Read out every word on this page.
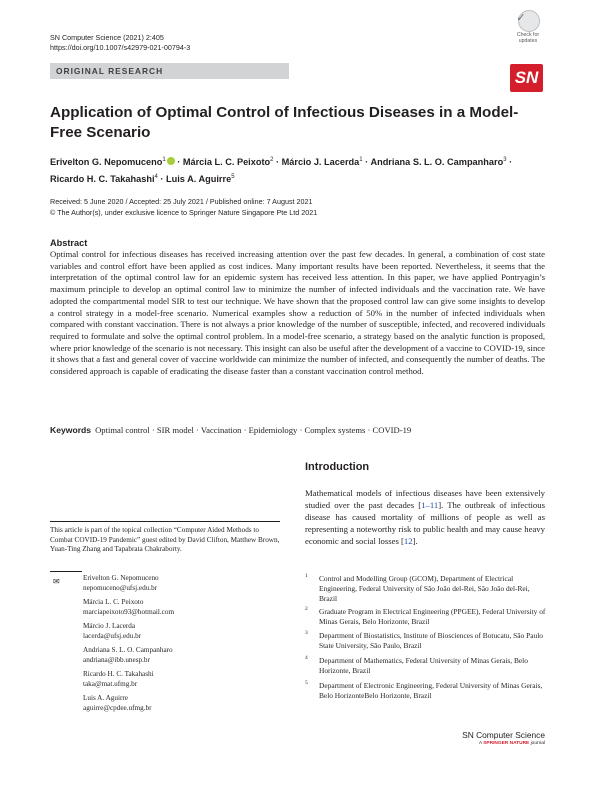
SN Computer Science (2021) 2:405
https://doi.org/10.1007/s42979-021-00794-3
✓
Check for updates
ORIGINAL RESEARCH	SN
Application of Optimal Control of Infectious Diseases in a Model-Free Scenario
Erivelton G. Nepomuceno$^1$ · Márcia L. C. Peixoto$^2$ · Márcio J. Lacerda$^1$ · Andriana S. L. O. Campanharo$^3$ ·
Ricardo H. C. Takahashi$^4$ · Luis A. Aguirre$^5$
Received: 5 June 2020 / Accepted: 25 July 2021 / Published online: 7 August 2021
© The Author(s), under exclusive licence to Springer Nature Singapore Pte Ltd 2021
Abstract
Optimal control for infectious diseases has received increasing attention over the past few decades. In general, a combination of cost state variables and control effort have been applied as cost indices. Many important results have been reported. Nevertheless, it seems that the interpretation of the optimal control law for an epidemic system has received less attention. In this paper, we have applied Pontryagin’s maximum principle to develop an optimal control law to minimize the number of infected individuals and the vaccination rate. We have adopted the compartmental model SIR to test our technique. We have shown that the proposed control law can give some insights to develop a control strategy in a model-free scenario. Numerical examples show a reduction of 50% in the number of infected individuals when compared with constant vaccination. There is not always a prior knowledge of the number of susceptible, infected, and recovered individuals required to formulate and solve the optimal control problem. In a model-free scenario, a strategy based on the analytic function is proposed, where prior knowledge of the scenario is not necessary. This insight can also be useful after the development of a vaccine to COVID-19, since it shows that a fast and general cover of vaccine worldwide can minimize the number of infected, and consequently the number of deaths. The considered approach is capable of eradicating the disease faster than a constant vaccination control method.
Keywords Optimal control · SIR model · Vaccination · Epidemiology · Complex systems · COVID-19
Introduction
Mathematical models of infectious diseases have been extensively studied over the past decades [1–11]. The outbreak of infectious disease has caused mortality of millions of people as well as representing a noteworthy risk to public health and may cause heavy economic and social losses [12].
This article is part of the topical collection “Computer Aided Methods to Combat COVID-19 Pandemic” guest edited by David Clifton, Matthew Brown, Yuan-Ting Zhang and Tapabrata Chakraborty.
✉	Erivelton G. Nepomuceno
nepomuceno@ufsj.edu.br
Márcia L. C. Peixoto
marciapeixoto93@hotmail.com
Márcio J. Lacerda
lacerda@ufsj.edu.br
Andriana S. L. O. Campanharo
andriana@ibb.unesp.br
Ricardo H. C. Takahashi
taka@mat.ufmg.br
Luis A. Aguirre
aguirre@cpdee.ufmg.br
1 Control and Modelling Group (GCOM), Department of Electrical Engineering, Federal University of São João del-Rei, São João del-Rei, Brazil
2 Graduate Program in Electrical Engineering (PPGEE), Federal University of Minas Gerais, Belo Horizonte, Brazil
3 Department of Biostatistics, Institute of Biosciences of Botucatu, São Paulo State University, São Paulo, Brazil
4 Department of Mathematics, Federal University of Minas Gerais, Belo Horizonte, Brazil
5 Department of Electronic Engineering, Federal University of Minas Gerais, Belo HorizonteBelo Horizonte, Brazil
SN Computer Science
A SPRINGER NATURE journal
